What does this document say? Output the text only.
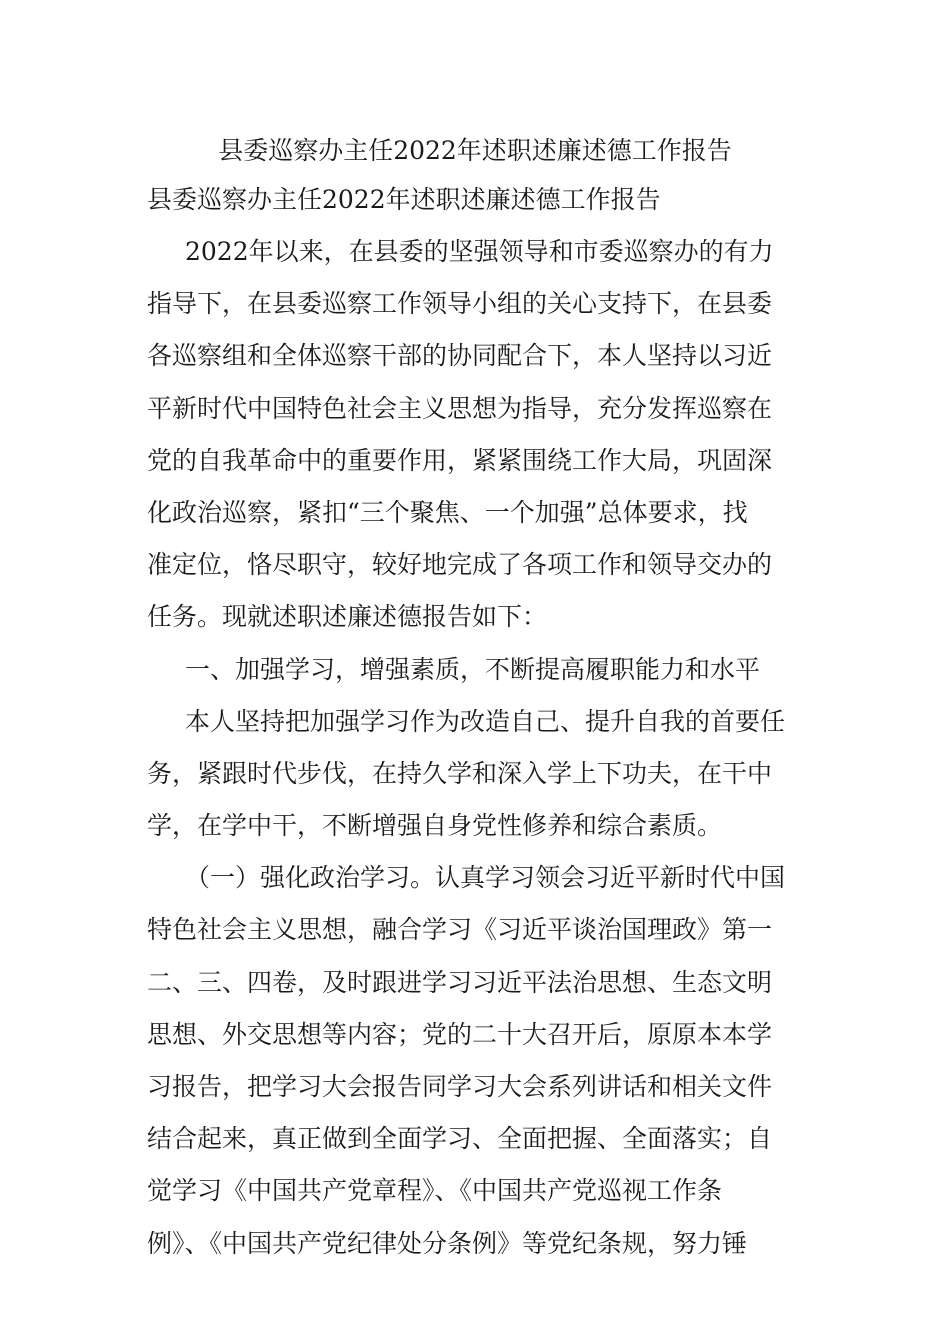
县委巡察办主任2022年述职述廉述德工作报告
县委巡察办主任2022年述职述廉述德工作报告
2022年以来，在县委的坚强领导和市委巡察办的有力
指导下，在县委巡察工作领导小组的关心支持下，在县委
各巡察组和全体巡察干部的协同配合下，本人坚持以习近
平新时代中国特色社会主义思想为指导，充分发挥巡察在
党的自我革命中的重要作用，紧紧围绕工作大局，巩固深
化政治巡察，紧扣“三个聚焦、一个加强”总体要求，找
准定位，恪尽职守，较好地完成了各项工作和领导交办的
任务。现就述职述廉述德报告如下：
一、加强学习，增强素质，不断提高履职能力和水平
本人坚持把加强学习作为改造自己、提升自我的首要任
务，紧跟时代步伐，在持久学和深入学上下功夫，在干中
学，在学中干，不断增强自身党性修养和综合素质。
（一）强化政治学习。认真学习领会习近平新时代中国
特色社会主义思想，融合学习《习近平谈治国理政》第一
二、三、四卷，及时跟进学习习近平法治思想、生态文明
思想、外交思想等内容；党的二十大召开后，原原本本学
习报告，把学习大会报告同学习大会系列讲话和相关文件
结合起来，真正做到全面学习、全面把握、全面落实；自
觉学习《中国共产党章程》、《中国共产党巡视工作条
例》、《中国共产党纪律处分条例》等党纪条规，努力锤
